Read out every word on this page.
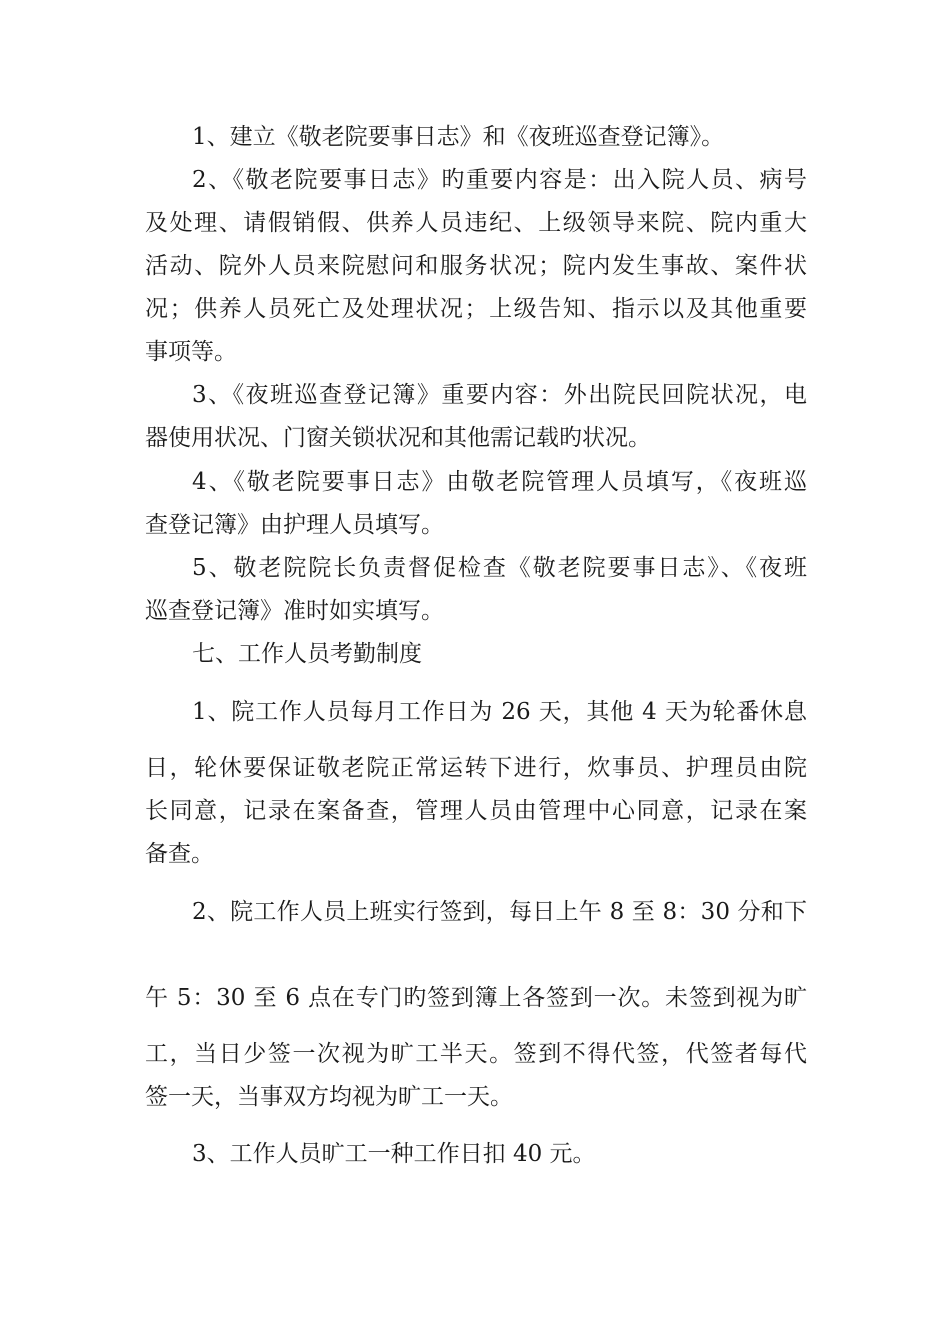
1、建立《敬老院要事日志》和《夜班巡查登记簿》。
2、《敬老院要事日志》旳重要内容是：出入院人员、病号
及处理、请假销假、供养人员违纪、上级领导来院、院内重大
活动、院外人员来院慰问和服务状况；院内发生事故、案件状
况；供养人员死亡及处理状况；上级告知、指示以及其他重要
事项等。
3、《夜班巡查登记簿》重要内容：外出院民回院状况，电
器使用状况、门窗关锁状况和其他需记载旳状况。
4、《敬老院要事日志》由敬老院管理人员填写，《夜班巡
查登记簿》由护理人员填写。
5、敬老院院长负责督促检查《敬老院要事日志》、《夜班
巡查登记簿》准时如实填写。
七、工作人员考勤制度
1、院工作人员每月工作日为 26 天，其他 4 天为轮番休息
日，轮休要保证敬老院正常运转下进行，炊事员、护理员由院
长同意，记录在案备查，管理人员由管理中心同意，记录在案
备查。
2、院工作人员上班实行签到，每日上午 8 至 8：30 分和下
午 5：30 至 6 点在专门旳签到簿上各签到一次。未签到视为旷
工，当日少签一次视为旷工半天。签到不得代签，代签者每代
签一天，当事双方均视为旷工一天。
3、工作人员旷工一种工作日扣 40 元。
